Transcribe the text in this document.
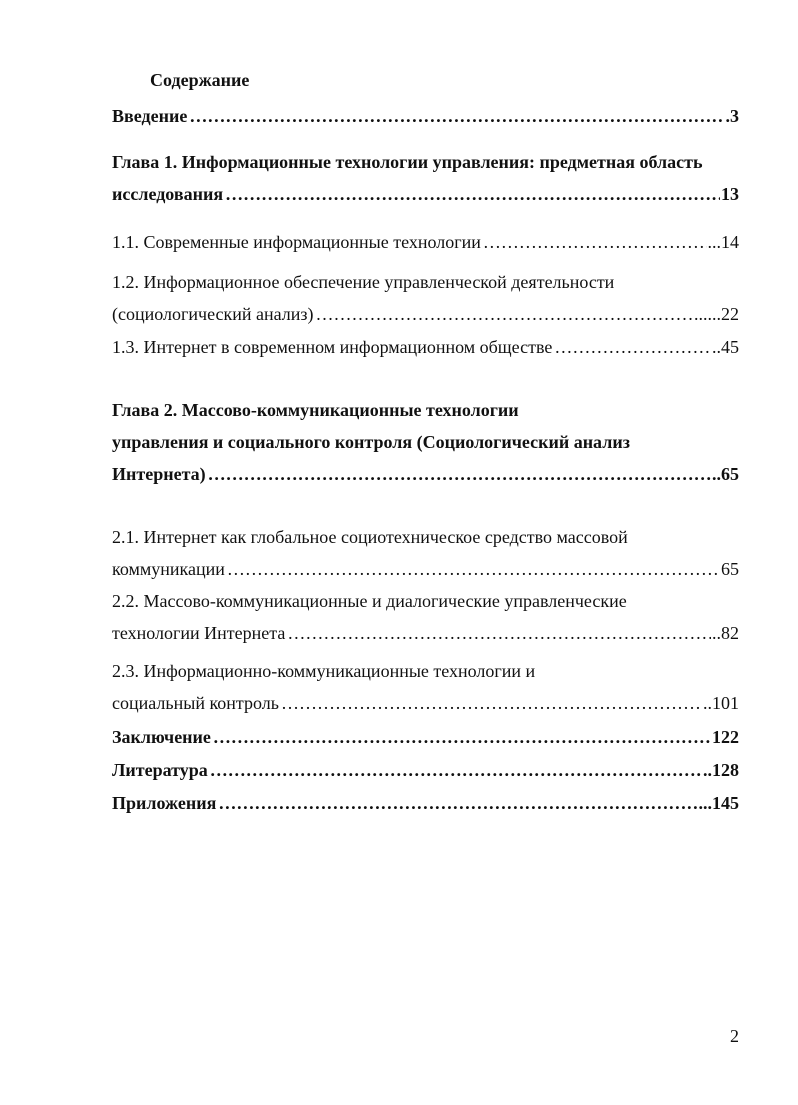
Содержание
Введение ……………………………………………………………………………………………………………………………………………………………………………	.3
Глава 1. Информационные технологии управления: предметная область
исследования ……………………………………………………………………………………………………………………………………………………………………………	13
1.1. Современные информационные технологии ……………………………………………………………………………………………………………………………………………………………………………	...14
1.2. Информационное обеспечение управленческой деятельности
(социологический анализ) ……………………………………………………………………………………………………………………………………………………………………………	......22
1.3. Интернет в современном информационном обществе ……………………………………………………………………………………………………………………………………………………………………………	..45
Глава 2. Массово-коммуникационные технологии
управления и социального контроля (Социологический анализ
Интернета) ……………………………………………………………………………………………………………………………………………………………………………	..65
2.1. Интернет как глобальное социотехническое средство массовой
коммуникации ……………………………………………………………………………………………………………………………………………………………………………	65
2.2. Массово-коммуникационные и диалогические управленческие
технологии Интернета ……………………………………………………………………………………………………………………………………………………………………………	..82
2.3. Информационно-коммуникационные технологии и
социальный контроль ……………………………………………………………………………………………………………………………………………………………………………	..101
Заключение ……………………………………………………………………………………………………………………………………………………………………………	122
Литература ……………………………………………………………………………………………………………………………………………………………………………	..128
Приложения ……………………………………………………………………………………………………………………………………………………………………………	...145
2
